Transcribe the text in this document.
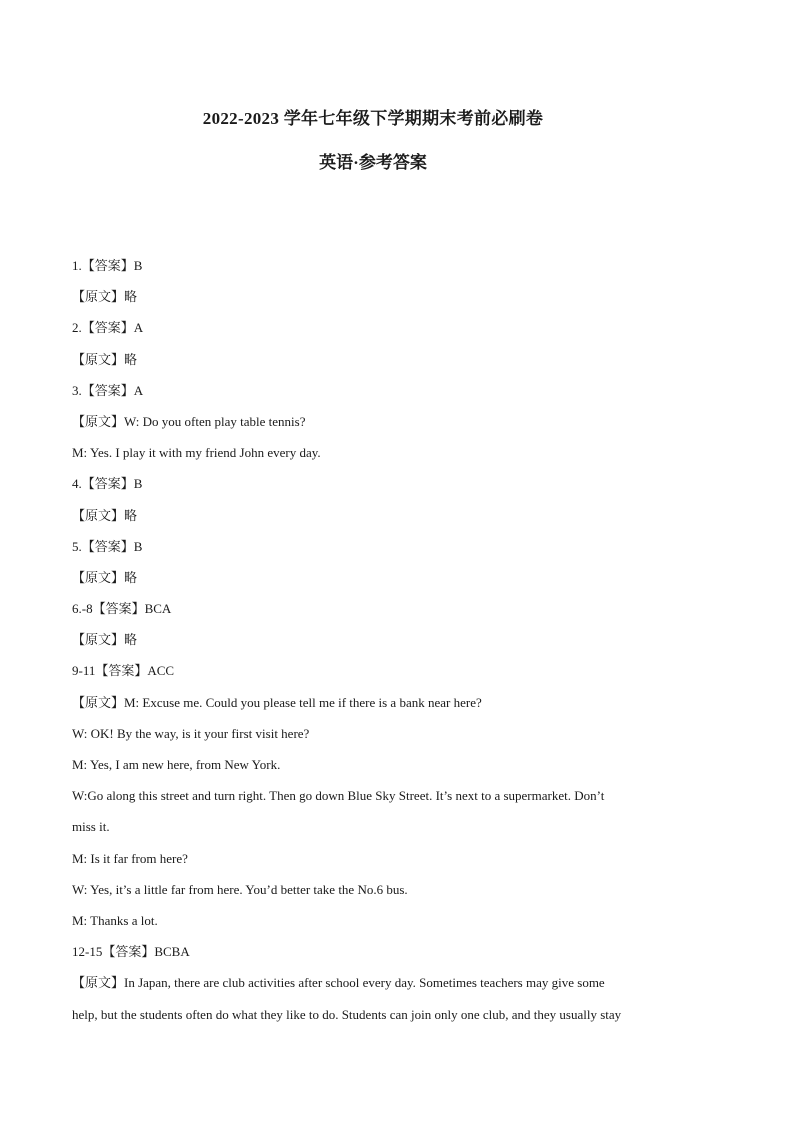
2022-2023 学年七年级下学期期末考前必刷卷
英语·参考答案
1.【答案】B
【原文】略
2.【答案】A
【原文】略
3.【答案】A
【原文】W: Do you often play table tennis?
M: Yes. I play it with my friend John every day.
4.【答案】B
【原文】略
5.【答案】B
【原文】略
6.-8【答案】BCA
【原文】略
9-11【答案】ACC
【原文】M: Excuse me. Could you please tell me if there is a bank near here?
W: OK! By the way, is it your first visit here?
M: Yes, I am new here, from New York.
W:Go along this street and turn right. Then go down Blue Sky Street. It’s next to a supermarket. Don’t
miss it.
M: Is it far from here?
W: Yes, it’s a little far from here. You’d better take the No.6 bus.
M: Thanks a lot.
12-15【答案】BCBA
【原文】In Japan, there are club activities after school every day. Sometimes teachers may give some
help, but the students often do what they like to do. Students can join only one club, and they usually stay
